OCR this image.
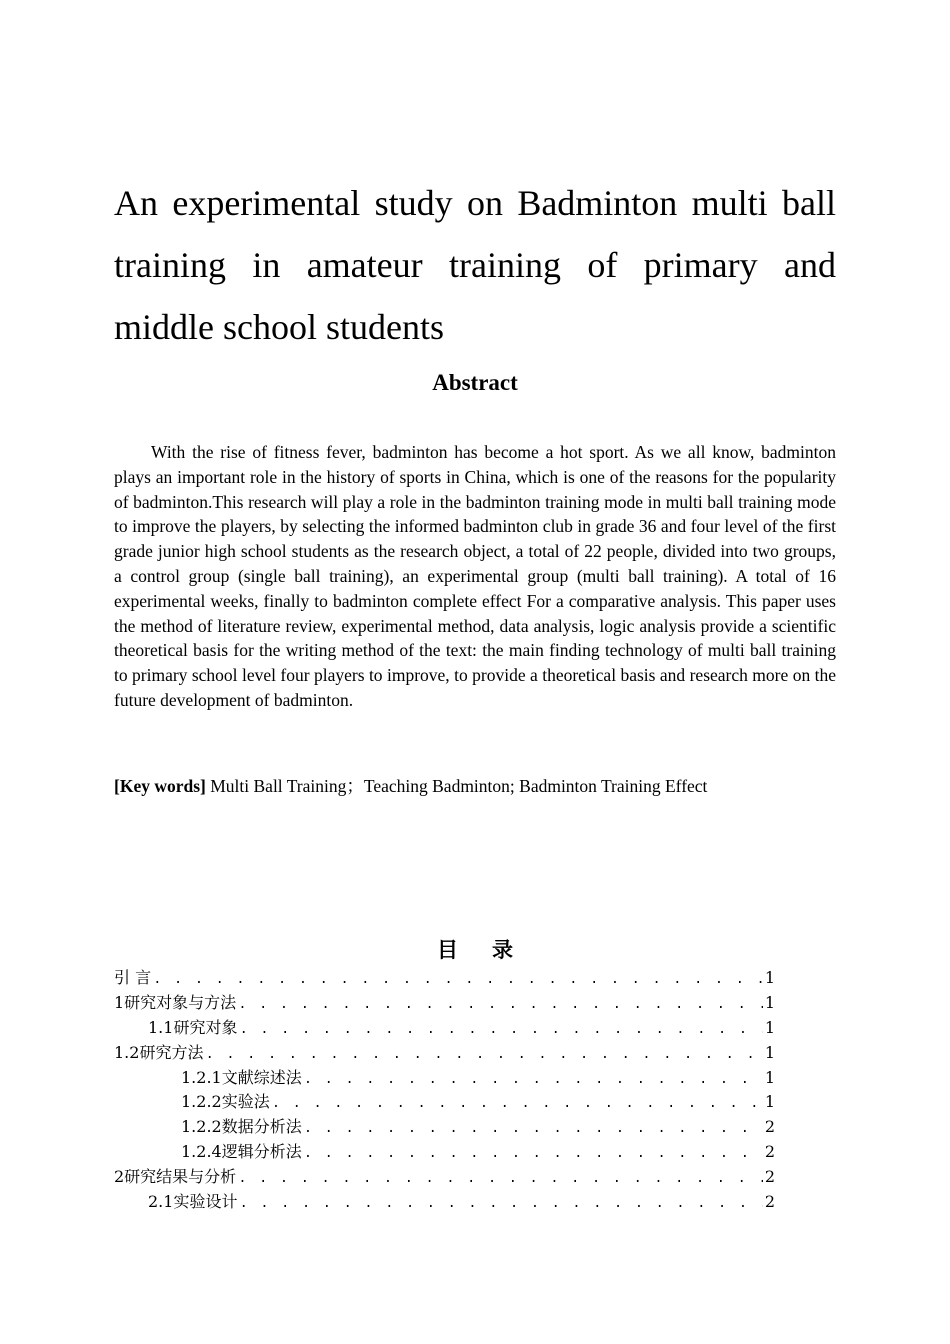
An experimental study on Badminton multi ball training in amateur training of primary and middle school students
Abstract

With the rise of fitness fever, badminton has become a hot sport. As we all know, badminton plays an important role in the history of sports in China, which is one of the reasons for the popularity of badminton.This research will play a role in the badminton training mode in multi ball training mode to improve the players, by selecting the informed badminton club in grade 36 and four level of the first grade junior high school students as the research object, a total of 22 people, divided into two groups, a control group (single ball training), an experimental group (multi ball training). A total of 16 experimental weeks, finally to badminton complete effect For a comparative analysis. This paper uses the method of literature review, experimental method, data analysis, logic analysis provide a scientific theoretical basis for the writing method of the text: the main finding technology of multi ball training to primary school level four players to improve, to provide a theoretical basis and research more on the future development of badminton.

[Key words] Multi Ball Training；Teaching Badminton; Badminton Training Effect

目 录
引 言 . . .	1
1研究对象与方法 . . .	1
1.1研究对象 . . .	1
1.2研究方法 . . .	1
1.2.1文献综述法 . . .	1
1.2.2实验法 . . .	1
1.2.2数据分析法 . . .	2
1.2.4逻辑分析法 . . .	2
2研究结果与分析 . . .	2
2.1实验设计 . . .	2
